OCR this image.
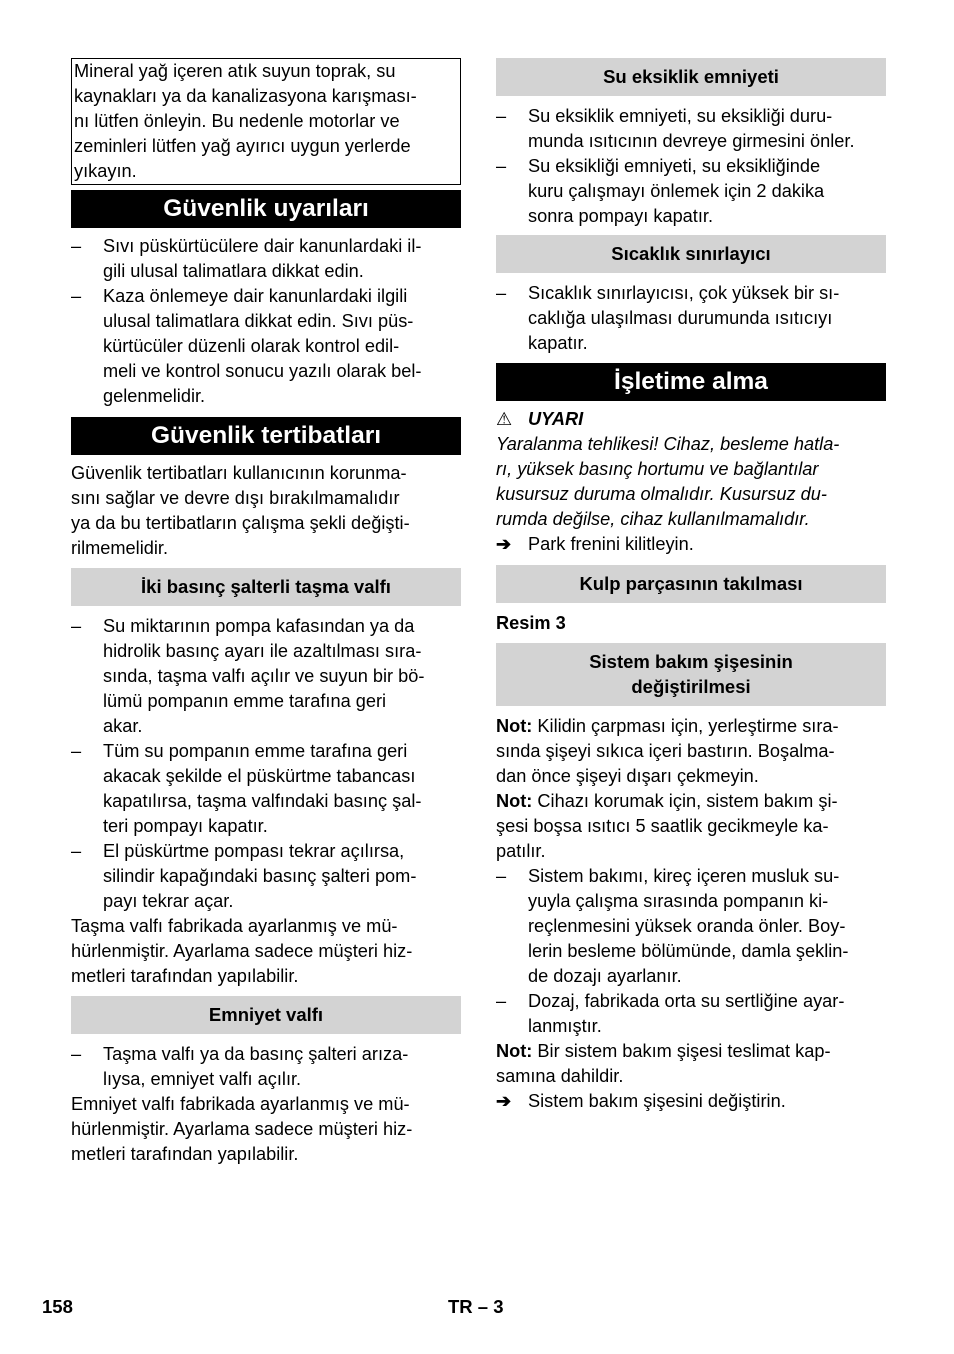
Mineral yağ içeren atık suyun toprak, su
kaynakları ya da kanalizasyona karışması-
nı lütfen önleyin. Bu nedenle motorlar ve
zeminleri lütfen yağ ayırıcı uygun yerlerde
yıkayın.
Güvenlik uyarıları
– Sıvı püskürtücülere dair kanunlardaki il-
gili ulusal talimatlara dikkat edin.
– Kaza önlemeye dair kanunlardaki ilgili
ulusal talimatlara dikkat edin. Sıvı püs-
kürtücüler düzenli olarak kontrol edil-
meli ve kontrol sonucu yazılı olarak bel-
gelenmelidir.
Güvenlik tertibatları
Güvenlik tertibatları kullanıcının korunma-
sını sağlar ve devre dışı bırakılmamalıdır
ya da bu tertibatların çalışma şekli değişti-
rilmemelidir.
İki basınç şalterli taşma valfı
– Su miktarının pompa kafasından ya da
hidrolik basınç ayarı ile azaltılması sıra-
sında, taşma valfı açılır ve suyun bir bö-
lümü pompanın emme tarafına geri
akar.
– Tüm su pompanın emme tarafına geri
akacak şekilde el püskürtme tabancası
kapatılırsa, taşma valfındaki basınç şal-
teri pompayı kapatır.
– El püskürtme pompası tekrar açılırsa,
silindir kapağındaki basınç şalteri pom-
payı tekrar açar.
Taşma valfı fabrikada ayarlanmış ve mü-
hürlenmiştir. Ayarlama sadece müşteri hiz-
metleri tarafından yapılabilir.
Emniyet valfı
– Taşma valfı ya da basınç şalteri arıza-
lıysa, emniyet valfı açılır.
Emniyet valfı fabrikada ayarlanmış ve mü-
hürlenmiştir. Ayarlama sadece müşteri hiz-
metleri tarafından yapılabilir.
Su eksiklik emniyeti
– Su eksiklik emniyeti, su eksikliği duru-
munda ısıtıcının devreye girmesini önler.
– Su eksikliği emniyeti, su eksikliğinde
kuru çalışmayı önlemek için 2 dakika
sonra pompayı kapatır.
Sıcaklık sınırlayıcı
– Sıcaklık sınırlayıcısı, çok yüksek bir sı-
caklığa ulaşılması durumunda ısıtıcıyı
kapatır.
İşletime alma
⚠ UYARI
Yaralanma tehlikesi! Cihaz, besleme hatla-
rı, yüksek basınç hortumu ve bağlantılar
kusursuz duruma olmalıdır. Kusursuz du-
rumda değilse, cihaz kullanılmamalıdır.
➔ Park frenini kilitleyin.
Kulp parçasının takılması
Resim 3
Sistem bakım şişesinin
değiştirilmesi
Not: Kilidin çarpması için, yerleştirme sıra-
sında şişeyi sıkıca içeri bastırın. Boşalma-
dan önce şişeyi dışarı çekmeyin.
Not: Cihazı korumak için, sistem bakım şi-
şesi boşsa ısıtıcı 5 saatlik gecikmeyle ka-
patılır.
– Sistem bakımı, kireç içeren musluk su-
yuyla çalışma sırasında pompanın ki-
reçlenmesini yüksek oranda önler. Boy-
lerin besleme bölümünde, damla şeklin-
de dozajı ayarlanır.
– Dozaj, fabrikada orta su sertliğine ayar-
lanmıştır.
Not: Bir sistem bakım şişesi teslimat kap-
samına dahildir.
➔ Sistem bakım şişesini değiştirin.
158	TR – 3
